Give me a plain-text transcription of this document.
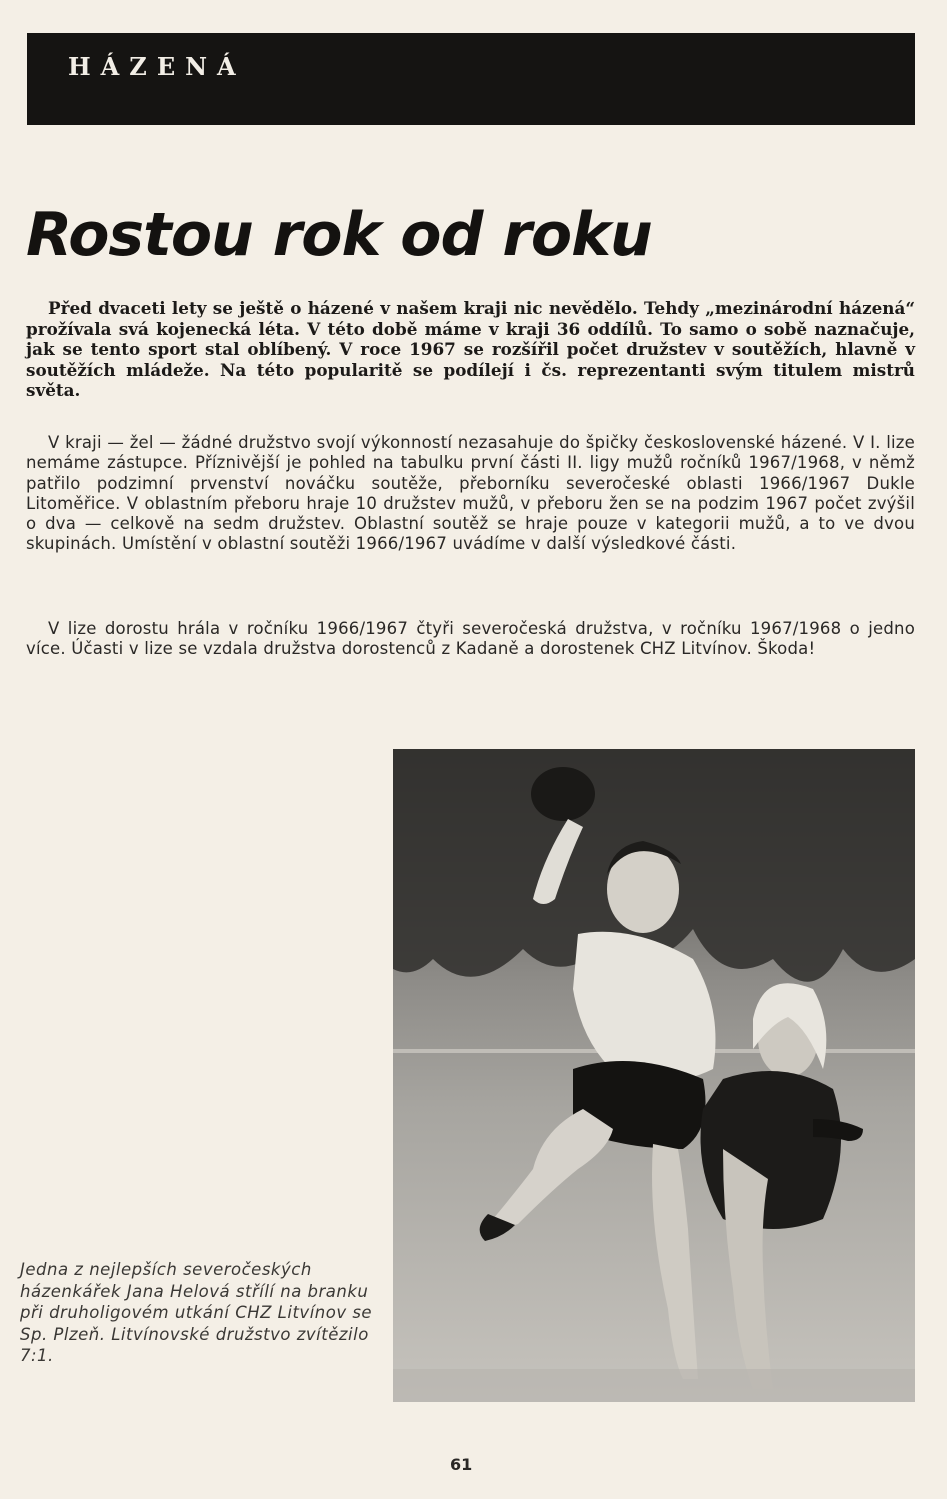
HÁZENÁ
Rostou rok od roku

Před dvaceti lety se ještě o házené v našem kraji nic nevědělo. Tehdy „mezinárodní házená“ prožívala svá kojenecká léta. V této době máme v kraji 36 oddílů. To samo o sobě naznačuje, jak se tento sport stal oblíbený. V roce 1967 se rozšířil počet družstev v soutěžích, hlavně v soutěžích mládeže. Na této popularitě se podílejí i čs. reprezentanti svým titulem mistrů světa.

V kraji — žel — žádné družstvo svojí výkonností nezasahuje do špičky československé házené. V I. lize nemáme zástupce. Příznivější je pohled na tabulku první části II. ligy mužů ročníků 1967/1968, v němž patřilo podzimní prvenství nováčku soutěže, přeborníku severočeské oblasti 1966/1967 Dukle Litoměřice. V oblastním přeboru hraje 10 družstev mužů, v přeboru žen se na podzim 1967 počet zvýšil o dva — celkově na sedm družstev. Oblastní soutěž se hraje pouze v kategorii mužů, a to ve dvou skupinách. Umístění v oblastní soutěži 1966/1967 uvádíme v další výsledkové části.

V lize dorostu hrála v ročníku 1966/1967 čtyři severočeská družstva, v ročníku 1967/1968 o jedno více. Účasti v lize se vzdala družstva dorostenců z Kadaně a dorostenek CHZ Litvínov. Škoda!

Jedna z nejlepších severočeských házenkářek Jana Helová střílí na branku při druholigovém utkání CHZ Litvínov se Sp. Plzeň. Litvínovské družstvo zvítězilo 7:1.

61
